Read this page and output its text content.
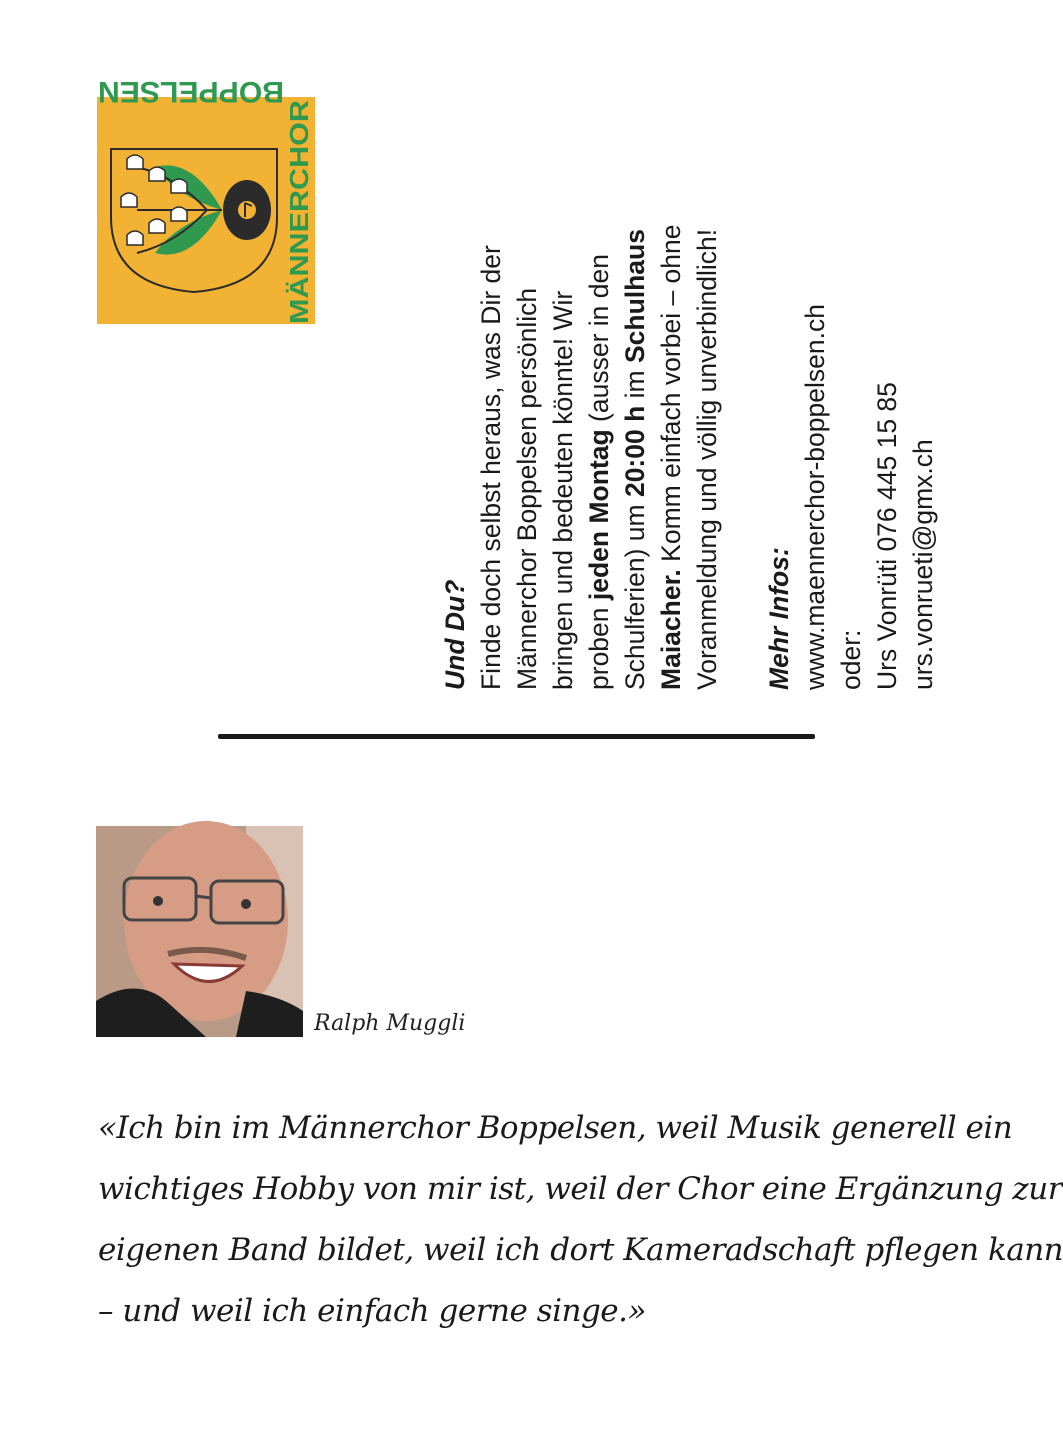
BOPPELSEN
MÄNNERCHOR

Und Du? Finde doch selbst heraus, was Dir der Männerchor Boppelsen persönlich bringen und bedeuten könnte! Wir proben jeden Montag (ausser in den

Schulferien) um 20:00 h im Schulhaus

Maiacher. Komm einfach vorbei – ohne Voranmeldung und völlig unverbindlich! Mehr Infos: www.maennerchor-boppelsen.ch oder: Urs Vonrüti 076 445 15 85 urs.vonrueti@gmx.ch

Ralph Muggli
«Ich bin im Männerchor Boppelsen, weil Musik generell ein
wichtiges Hobby von mir ist, weil der Chor eine Ergänzung zur
eigenen Band bildet, weil ich dort Kameradschaft pflegen kann
– und weil ich einfach gerne singe.»
